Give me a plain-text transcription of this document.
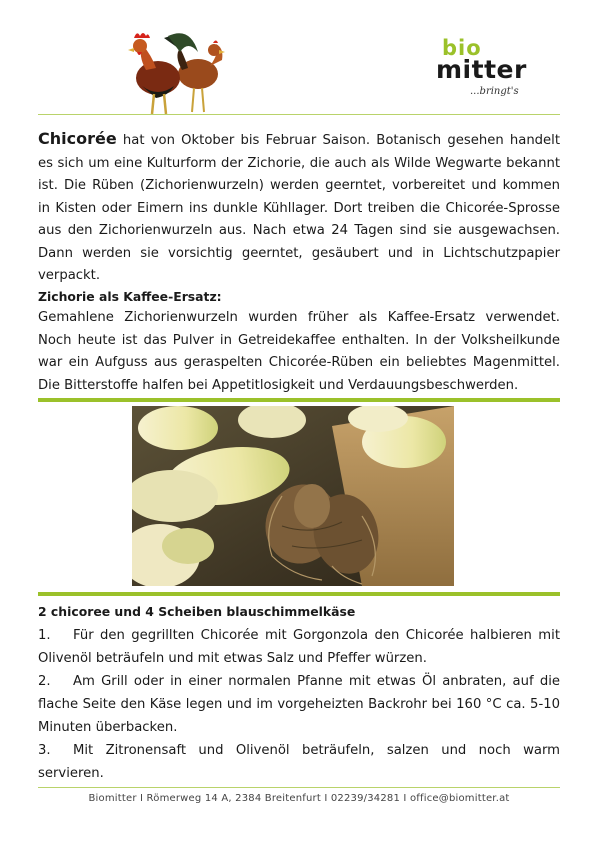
bio
mitter
...bringt's

Chicorée hat von Oktober bis Februar Saison. Botanisch gesehen handelt es sich um eine Kulturform der Zichorie, die auch als Wilde Wegwarte bekannt ist. Die Rüben (Zichorienwurzeln) werden geerntet, vorbereitet und kommen in Kisten oder Eimern ins dunkle Kühllager. Dort treiben die Chicorée-Sprosse aus den Zichorienwurzeln aus. Nach etwa 24 Tagen sind sie ausgewachsen. Dann werden sie vorsichtig geerntet, gesäubert und in Lichtschutzpapier verpackt.

Zichorie als Kaffee-Ersatz:

Gemahlene Zichorienwurzeln wurden früher als Kaffee-Ersatz verwendet. Noch heute ist das Pulver in Getreidekaffee enthalten. In der Volksheilkunde war ein Aufguss aus geraspelten Chicorée-Rüben ein beliebtes Magenmittel. Die Bitterstoffe halfen bei Appetitlosigkeit und Verdauungsbeschwerden.

2 chicoree und 4 Scheiben blauschimmelkäse

1. Für den gegrillten Chicorée mit Gorgonzola den Chicorée halbieren mit Olivenöl beträufeln und mit etwas Salz und Pfeffer würzen.
2. Am Grill oder in einer normalen Pfanne mit etwas Öl anbraten, auf die flache Seite den Käse legen und im vorgeheizten Backrohr bei 160 °C ca. 5-10 Minuten überbacken.
3. Mit Zitronensaft und Olivenöl beträufeln, salzen und noch warm servieren.
Biomitter I Römerweg 14 A, 2384 Breitenfurt I 02239/34281 I office@biomitter.at
